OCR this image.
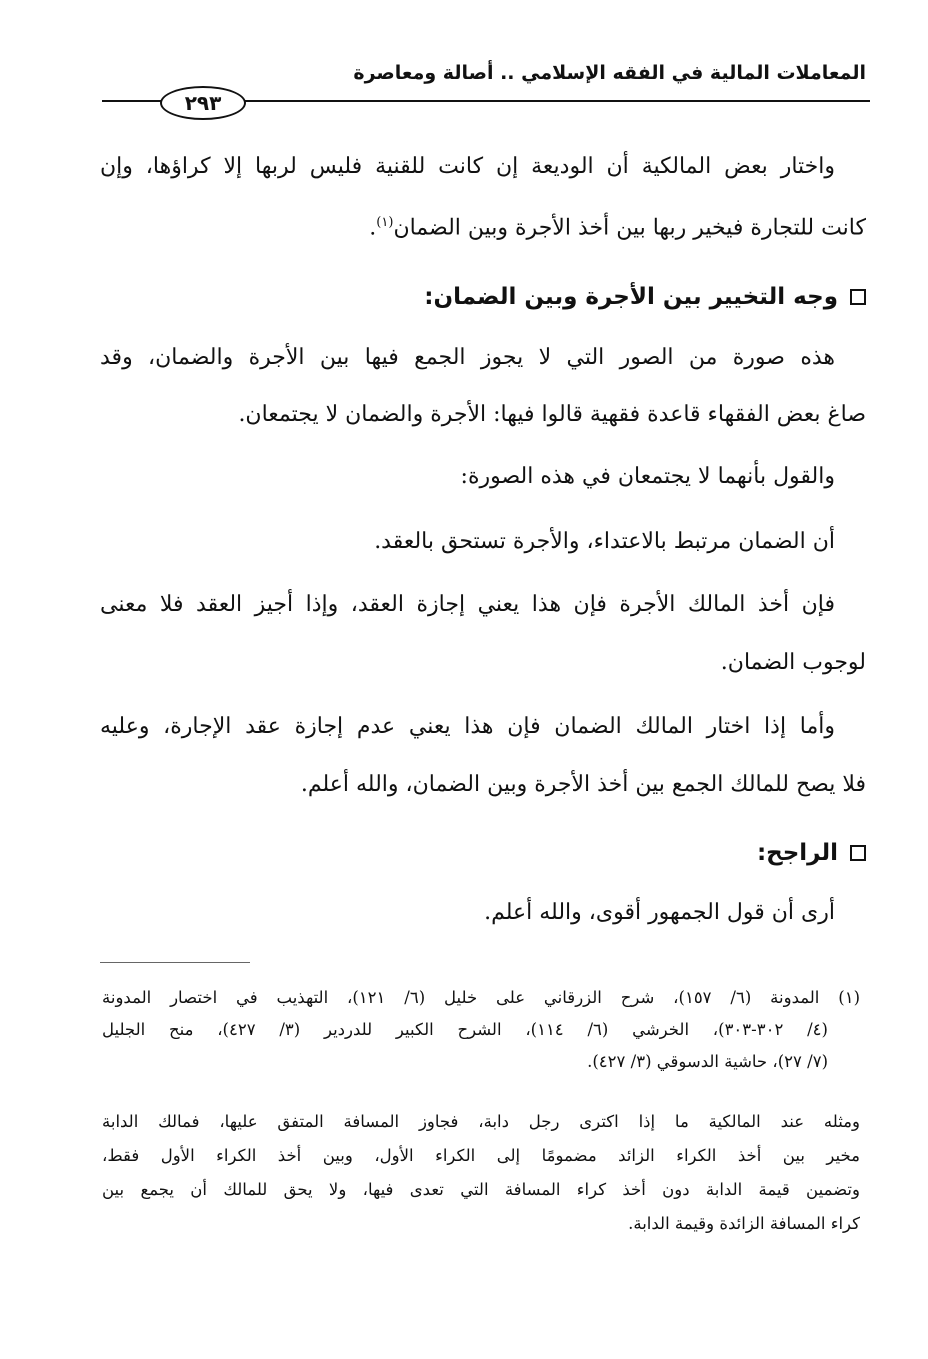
المعاملات المالية في الفقه الإسلامي .. أصالة ومعاصرة
٢٩٣
واختار بعض المالكية أن الوديعة إن كانت للقنية فليس لربها إلا كراؤها، وإن
كانت للتجارة فيخير ربها بين أخذ الأجرة وبين الضمان$^{(١)}$.
وجه التخيير بين الأجرة وبين الضمان:
هذه صورة من الصور التي لا يجوز الجمع فيها بين الأجرة والضمان، وقد
صاغ بعض الفقهاء قاعدة فقهية قالوا فيها: الأجرة والضمان لا يجتمعان.
والقول بأنهما لا يجتمعان في هذه الصورة:
أن الضمان مرتبط بالاعتداء، والأجرة تستحق بالعقد.
فإن أخذ المالك الأجرة فإن هذا يعني إجازة العقد، وإذا أجيز العقد فلا معنى
لوجوب الضمان.
وأما إذا اختار المالك الضمان فإن هذا يعني عدم إجازة عقد الإجارة، وعليه
فلا يصح للمالك الجمع بين أخذ الأجرة وبين الضمان، والله أعلم.
الراجح:
أرى أن قول الجمهور أقوى، والله أعلم.
(١) المدونة (٦/ ١٥٧)، شرح الزرقاني على خليل (٦/ ١٢١)، التهذيب في اختصار المدونة
(٤/ ٣٠٢-٣٠٣)، الخرشي (٦/ ١١٤)، الشرح الكبير للدردير (٣/ ٤٢٧)، منح الجليل
(٧/ ٢٧)، حاشية الدسوقي (٣/ ٤٢٧).
ومثله عند المالكية ما إذا اكترى رجل دابة، فجاوز المسافة المتفق عليها، فمالك الدابة
مخير بين أخذ الكراء الزائد مضمومًا إلى الكراء الأول، وبين أخذ الكراء الأول فقط،
وتضمين قيمة الدابة دون أخذ كراء المسافة التي تعدى فيها، ولا يحق للمالك أن يجمع بين
كراء المسافة الزائدة وقيمة الدابة.
